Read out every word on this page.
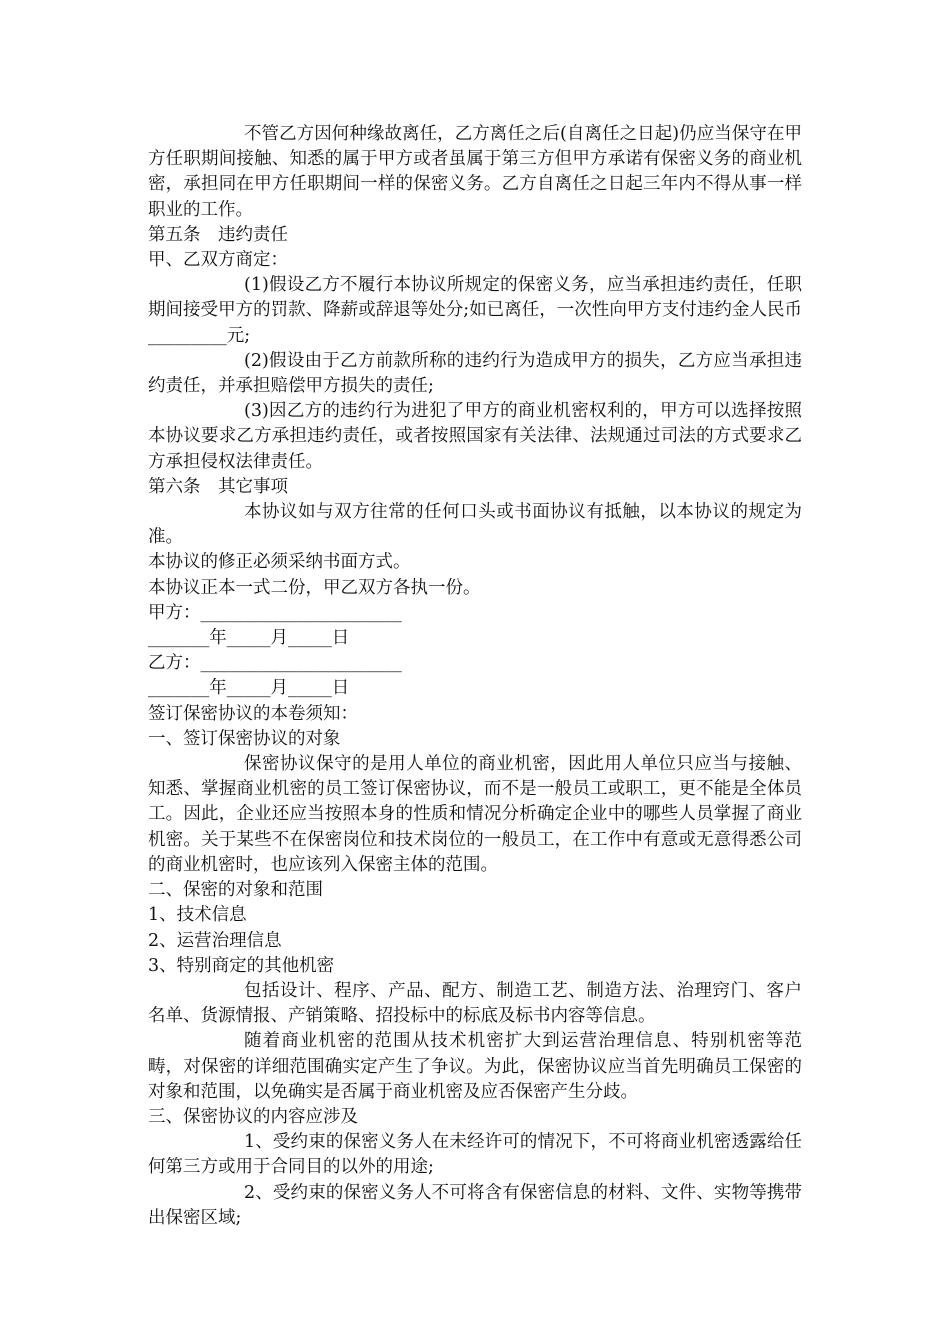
不管乙方因何种缘故离任，乙方离任之后(自离任之日起)仍应当保守在甲方任职期间接触、知悉的属于甲方或者虽属于第三方但甲方承诺有保密义务的商业机密，承担同在甲方任职期间一样的保密义务。乙方自离任之日起三年内不得从事一样职业的工作。

第五条　违约责任

甲、乙双方商定：

(1)假设乙方不履行本协议所规定的保密义务，应当承担违约责任，任职期间接受甲方的罚款、降薪或辞退等处分;如已离任，一次性向甲方支付违约金人民币_________元;

(2)假设由于乙方前款所称的违约行为造成甲方的损失，乙方应当承担违约责任，并承担赔偿甲方损失的责任;

(3)因乙方的违约行为进犯了甲方的商业机密权利的，甲方可以选择按照本协议要求乙方承担违约责任，或者按照国家有关法律、法规通过司法的方式要求乙方承担侵权法律责任。

第六条　其它事项

本协议如与双方往常的任何口头或书面协议有抵触，以本协议的规定为准。

本协议的修正必须采纳书面方式。

本协议正本一式二份，甲乙双方各执一份。

甲方：_______________________

_______年_____月_____日

乙方：_______________________

_______年_____月_____日

签订保密协议的本卷须知：

一、签订保密协议的对象

保密协议保守的是用人单位的商业机密，因此用人单位只应当与接触、知悉、掌握商业机密的员工签订保密协议，而不是一般员工或职工，更不能是全体员工。因此，企业还应当按照本身的性质和情况分析确定企业中的哪些人员掌握了商业机密。关于某些不在保密岗位和技术岗位的一般员工，在工作中有意或无意得悉公司的商业机密时，也应该列入保密主体的范围。

二、保密的对象和范围

1、技术信息

2、运营治理信息

3、特别商定的其他机密

包括设计、程序、产品、配方、制造工艺、制造方法、治理窍门、客户名单、货源情报、产销策略、招投标中的标底及标书内容等信息。

随着商业机密的范围从技术机密扩大到运营治理信息、特别机密等范畴，对保密的详细范围确实定产生了争议。为此，保密协议应当首先明确员工保密的对象和范围，以免确实是否属于商业机密及应否保密产生分歧。

三、保密协议的内容应涉及

1、受约束的保密义务人在未经许可的情况下，不可将商业机密透露给任何第三方或用于合同目的以外的用途;

2、受约束的保密义务人不可将含有保密信息的材料、文件、实物等携带出保密区域;
